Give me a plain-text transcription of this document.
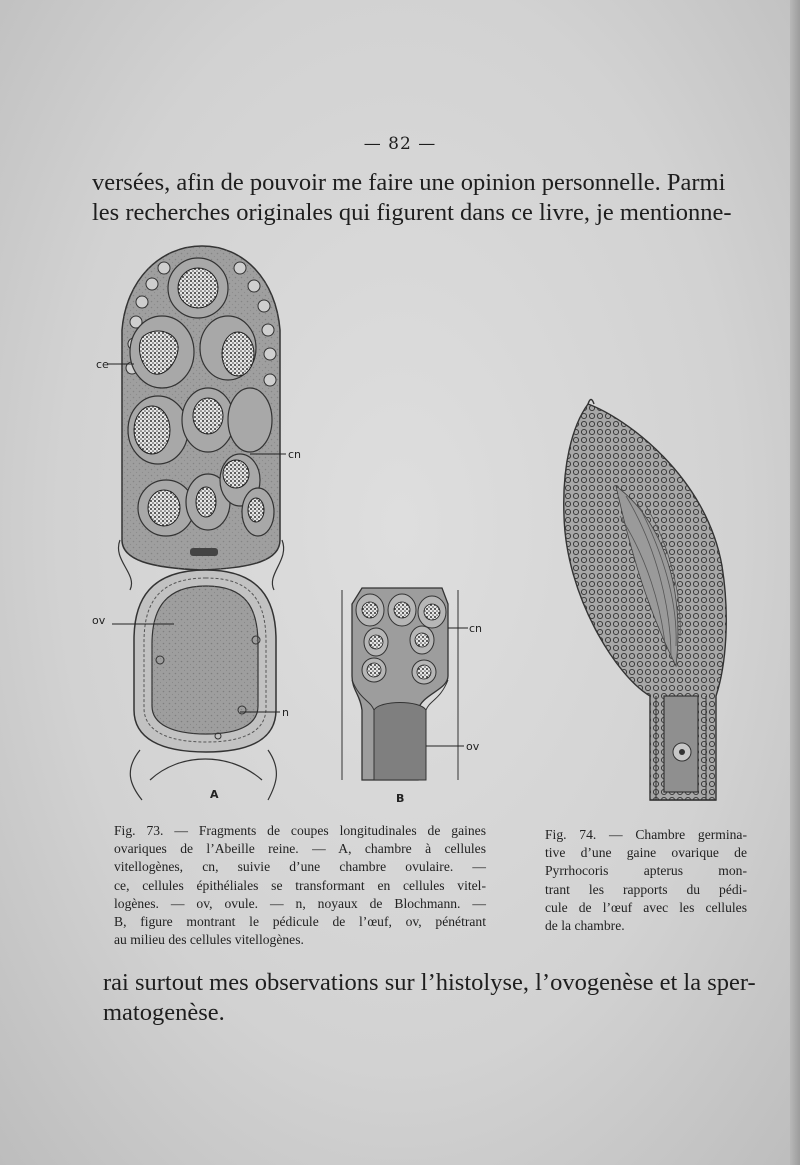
— 82 —
versées, afin de pouvoir me faire une opinion personnelle. Parmi
les recherches originales qui figurent dans ce livre, je mentionne-
ce
cn
ov
n
A
cn
ov
B
Fig. 73. — Fragments de coupes longitudinales de gaines
ovariques de l’Abeille reine. — A, chambre à cellules
vitellogènes, cn, suivie d’une chambre ovulaire. —
ce, cellules épithéliales se transformant en cellules vitel-
logènes. — ov, ovule. — n, noyaux de Blochmann. —
B, figure montrant le pédicule de l’œuf, ov, pénétrant
au milieu des cellules vitellogènes.
Fig. 74. — Chambre germina-
tive d’une gaine ovarique de
Pyrrhocoris apterus mon-
trant les rapports du pédi-
cule de l’œuf avec les cellules
de la chambre.
rai surtout mes observations sur l’histolyse, l’ovogenèse et la sper-
matogenèse.
